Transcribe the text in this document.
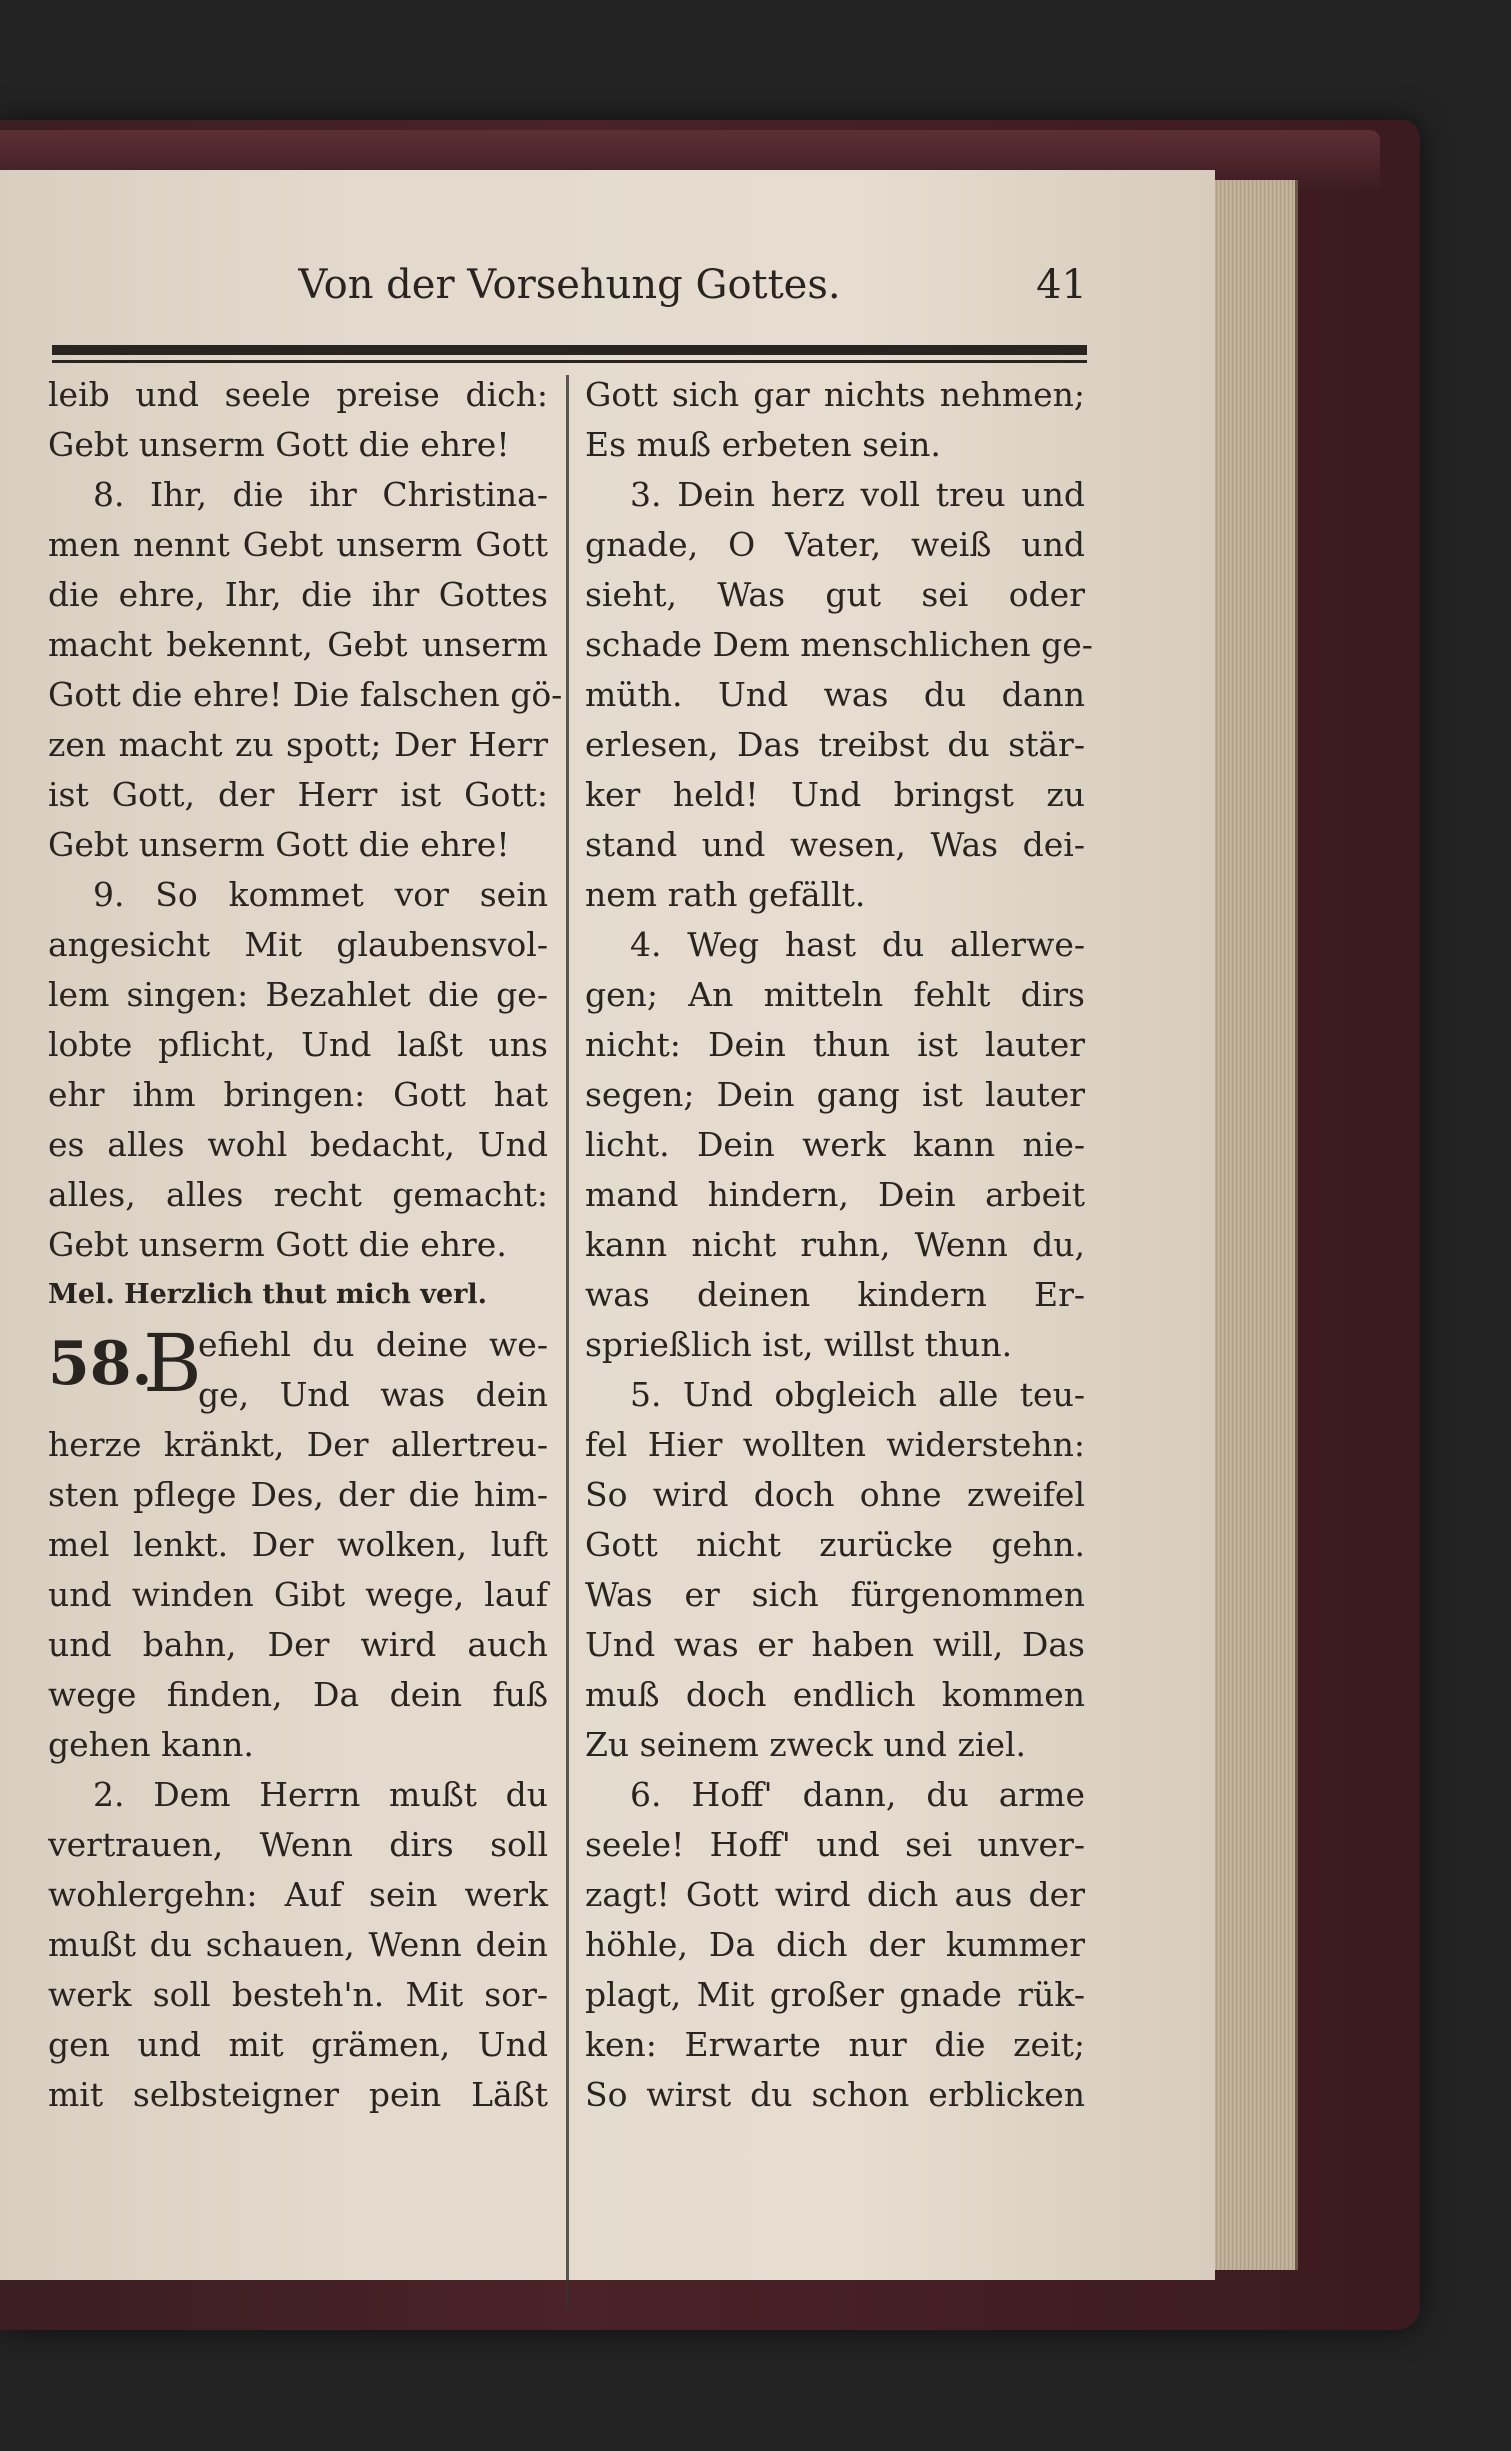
Von der Vorsehung Gottes.	41
leib und seele preise dich:
Gebt unserm Gott die ehre!
8. Ihr, die ihr Christina-
men nennt Gebt unserm Gott
die ehre, Ihr, die ihr Gottes
macht bekennt, Gebt unserm
Gott die ehre! Die falschen gö-
zen macht zu spott; Der Herr
ist Gott, der Herr ist Gott:
Gebt unserm Gott die ehre!
9. So kommet vor sein
angesicht Mit glaubensvol-
lem singen: Bezahlet die ge-
lobte pflicht, Und laßt uns
ehr ihm bringen: Gott hat
es alles wohl bedacht, Und
alles, alles recht gemacht:
Gebt unserm Gott die ehre.
Mel. Herzlich thut mich verl.
58.
B
efiehl du deine we-
ge, Und was dein
herze kränkt, Der allertreu-
sten pflege Des, der die him-
mel lenkt. Der wolken, luft
und winden Gibt wege, lauf
und bahn, Der wird auch
wege finden, Da dein fuß
gehen kann.
2. Dem Herrn mußt du
vertrauen, Wenn dirs soll
wohlergehn: Auf sein werk
mußt du schauen, Wenn dein
werk soll besteh'n. Mit sor-
gen und mit grämen, Und
mit selbsteigner pein Läßt
Gott sich gar nichts nehmen;
Es muß erbeten sein.
3. Dein herz voll treu und
gnade, O Vater, weiß und
sieht, Was gut sei oder
schade Dem menschlichen ge-
müth. Und was du dann
erlesen, Das treibst du stär-
ker held! Und bringst zu
stand und wesen, Was dei-
nem rath gefällt.
4. Weg hast du allerwe-
gen; An mitteln fehlt dirs
nicht: Dein thun ist lauter
segen; Dein gang ist lauter
licht. Dein werk kann nie-
mand hindern, Dein arbeit
kann nicht ruhn, Wenn du,
was deinen kindern Er-
sprießlich ist, willst thun.
5. Und obgleich alle teu-
fel Hier wollten widerstehn:
So wird doch ohne zweifel
Gott nicht zurücke gehn.
Was er sich fürgenommen
Und was er haben will, Das
muß doch endlich kommen
Zu seinem zweck und ziel.
6. Hoff' dann, du arme
seele! Hoff' und sei unver-
zagt! Gott wird dich aus der
höhle, Da dich der kummer
plagt, Mit großer gnade rük-
ken: Erwarte nur die zeit;
So wirst du schon erblicken
